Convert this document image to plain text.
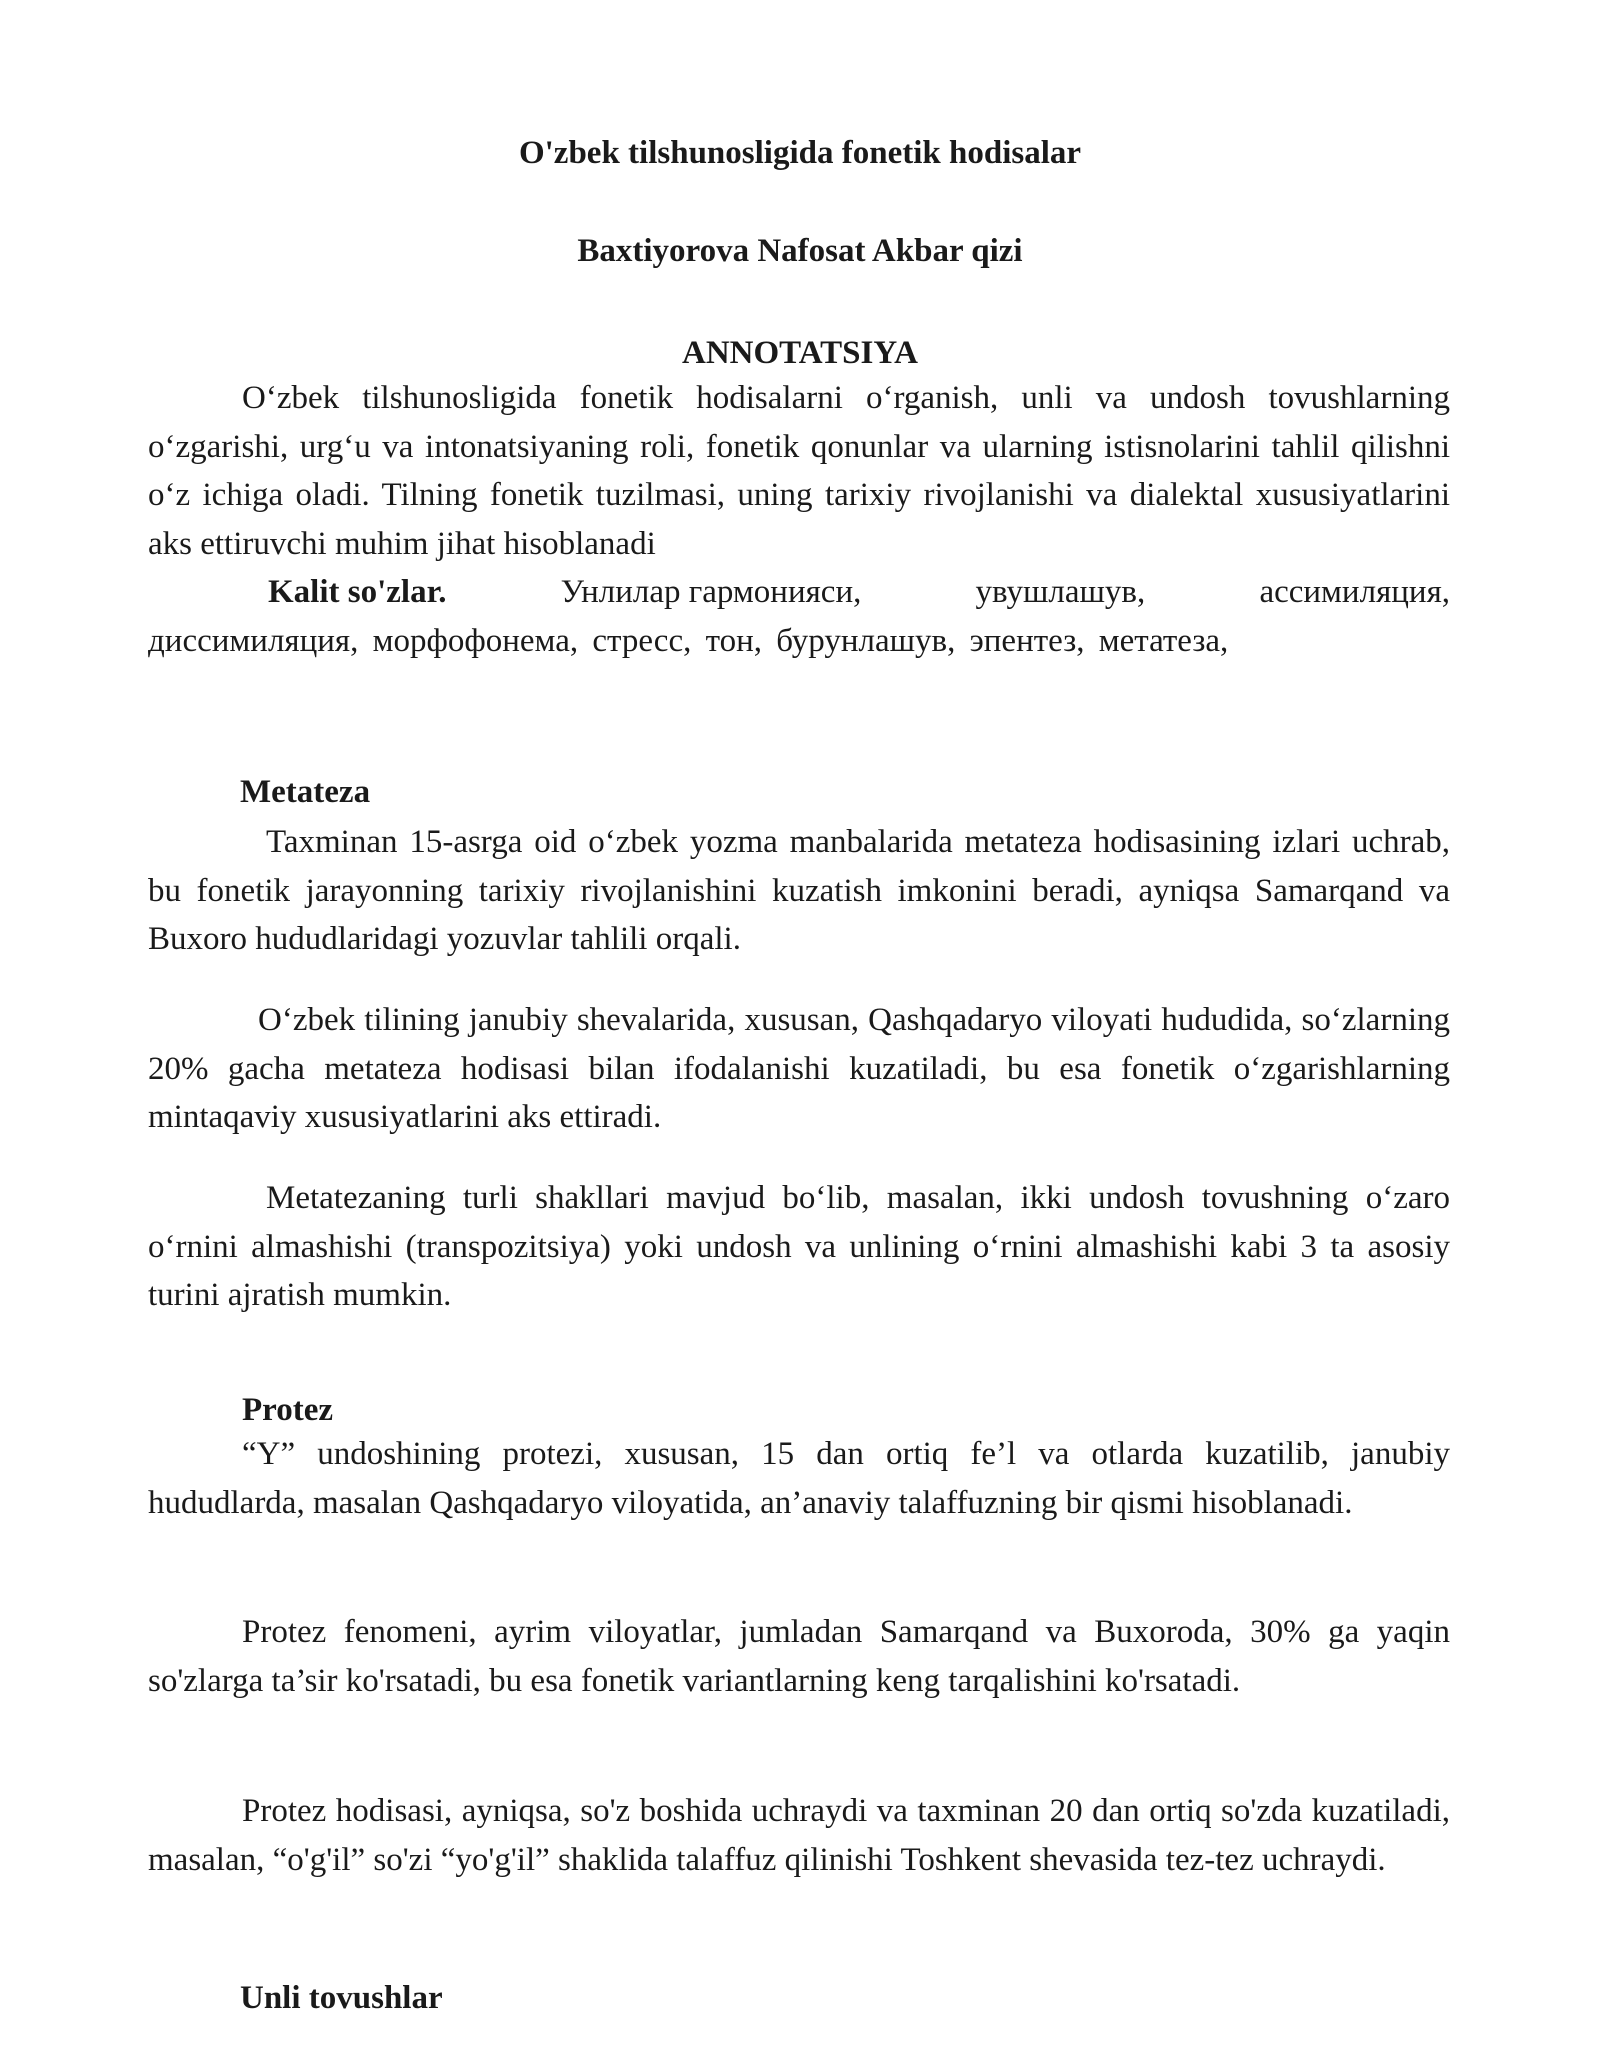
O'zbek tilshunosligida fonetik hodisalar
Baxtiyorova Nafosat Akbar qizi
ANNOTATSIYA

O‘zbek tilshunosligida fonetik hodisalarni o‘rganish, unli va undosh tovushlarning o‘zgarishi, urg‘u va intonatsiyaning roli, fonetik qonunlar va ularning istisnolarini tahlil qilishni o‘z ichiga oladi. Tilning fonetik tuzilmasi, uning tarixiy rivojlanishi va dialektal xususiyatlarini aks ettiruvchi muhim jihat hisoblanadi

Kalit so'zlar.	Унлилар гармонияси,	увушлашув,	ассимиляция,
диссимиляция, морфофонема, стресс, тон, бурунлашув, эпентез, метатеза,
Metateza

Taxminan 15-asrga oid o‘zbek yozma manbalarida metateza hodisasining izlari uchrab, bu fonetik jarayonning tarixiy rivojlanishini kuzatish imkonini beradi, ayniqsa Samarqand va Buxoro hududlaridagi yozuvlar tahlili orqali.

O‘zbek tilining janubiy shevalarida, xususan, Qashqadaryo viloyati hududida, so‘zlarning 20% gacha metateza hodisasi bilan ifodalanishi kuzatiladi, bu esa fonetik o‘zgarishlarning mintaqaviy xususiyatlarini aks ettiradi.

Metatezaning turli shakllari mavjud bo‘lib, masalan, ikki undosh tovushning o‘zaro o‘rnini almashishi (transpozitsiya) yoki undosh va unlining o‘rnini almashishi kabi 3 ta asosiy turini ajratish mumkin.

Protez

“Y” undoshining protezi, xususan, 15 dan ortiq fe’l va otlarda kuzatilib, janubiy hududlarda, masalan Qashqadaryo viloyatida, an’anaviy talaffuzning bir qismi hisoblanadi.

Protez fenomeni, ayrim viloyatlar, jumladan Samarqand va Buxoroda, 30% ga yaqin so'zlarga ta’sir ko'rsatadi, bu esa fonetik variantlarning keng tarqalishini ko'rsatadi.

Protez hodisasi, ayniqsa, so'z boshida uchraydi va taxminan 20 dan ortiq so'zda kuzatiladi, masalan, “o'g'il” so'zi “yo'g'il” shaklida talaffuz qilinishi Toshkent shevasida tez-tez uchraydi.

Unli tovushlar
